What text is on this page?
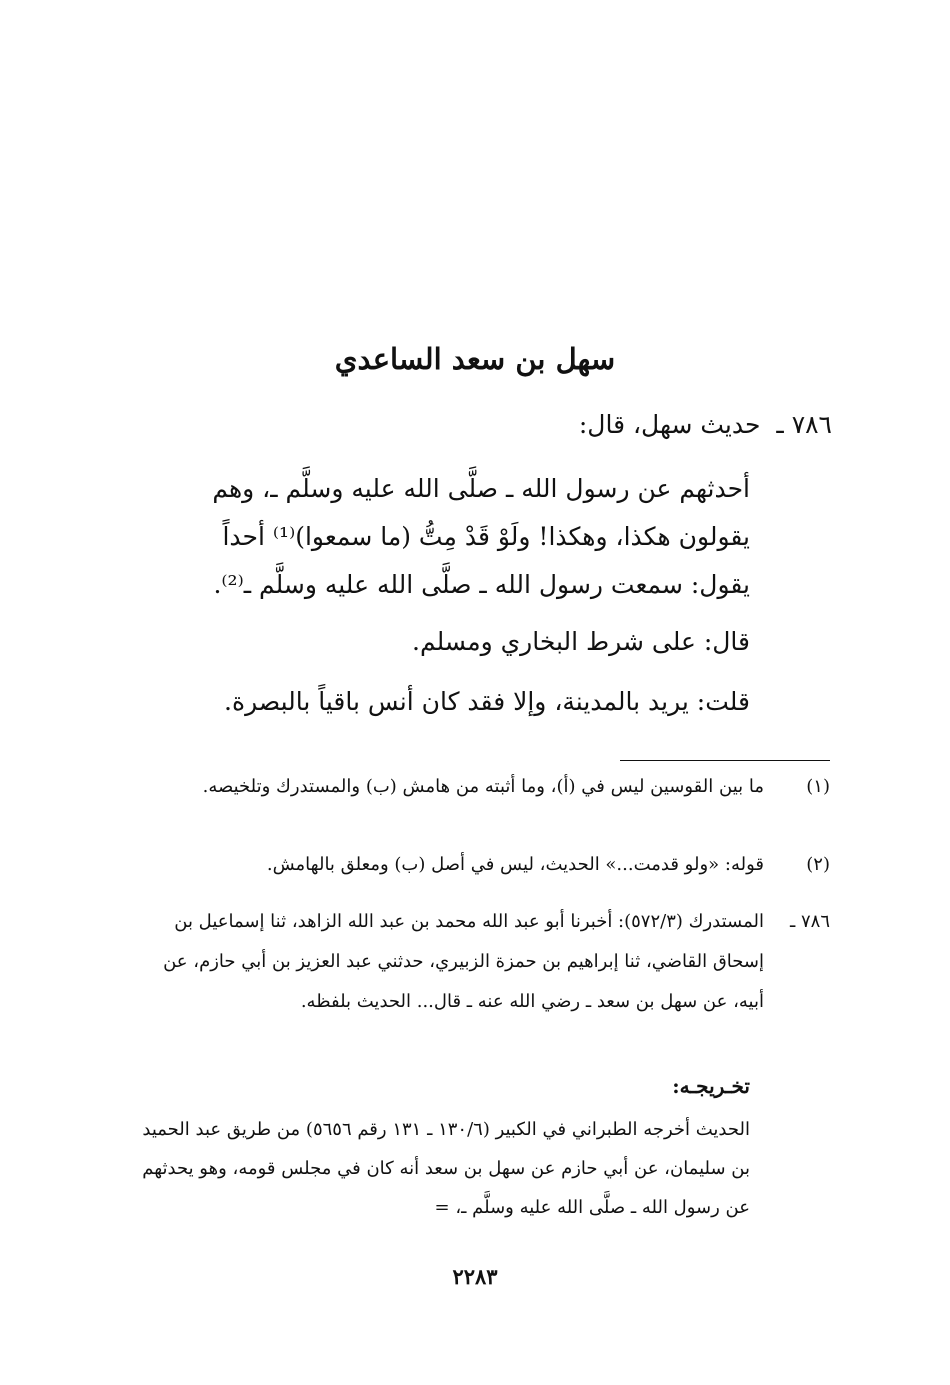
سهل بن سعد الساعدي
٧٨٦ ـ حديث سهل، قال:
أحدثهم عن رسول الله ـ صلَّى الله عليه وسلَّم ـ، وهم
يقولون هكذا، وهكذا! ولَوْ قَدْ مِتُّ (ما سمعوا)⁽¹⁾ أحداً
يقول: سمعت رسول الله ـ صلَّى الله عليه وسلَّم ـ⁽²⁾.
قال: على شرط البخاري ومسلم.
قلت: يريد بالمدينة، وإلا فقد كان أنس باقياً بالبصرة.
(١)ما بين القوسين ليس في (أ)، وما أثبته من هامش (ب) والمستدرك وتلخيصه.
(٢)قوله: «ولو قدمت...» الحديث، ليس في أصل (ب) ومعلق بالهامش.
٧٨٦ ـالمستدرك (٥٧٢/٣): أخبرنا أبو عبد الله محمد بن عبد الله الزاهد، ثنا إسماعيل بن إسحاق القاضي، ثنا إبراهيم بن حمزة الزبيري، حدثني عبد العزيز بن أبي حازم، عن أبيه، عن سهل بن سعد ـ رضي الله عنه ـ قال... الحديث بلفظه.
تخـريجـه:
الحديث أخرجه الطبراني في الكبير (١٣٠/٦ ـ ١٣١ رقم ٥٦٥٦) من طريق عبد الحميد بن سليمان، عن أبي حازم عن سهل بن سعد أنه كان في مجلس قومه، وهو يحدثهم عن رسول الله ـ صلَّى الله عليه وسلَّم ـ، =
٢٢٨٣
